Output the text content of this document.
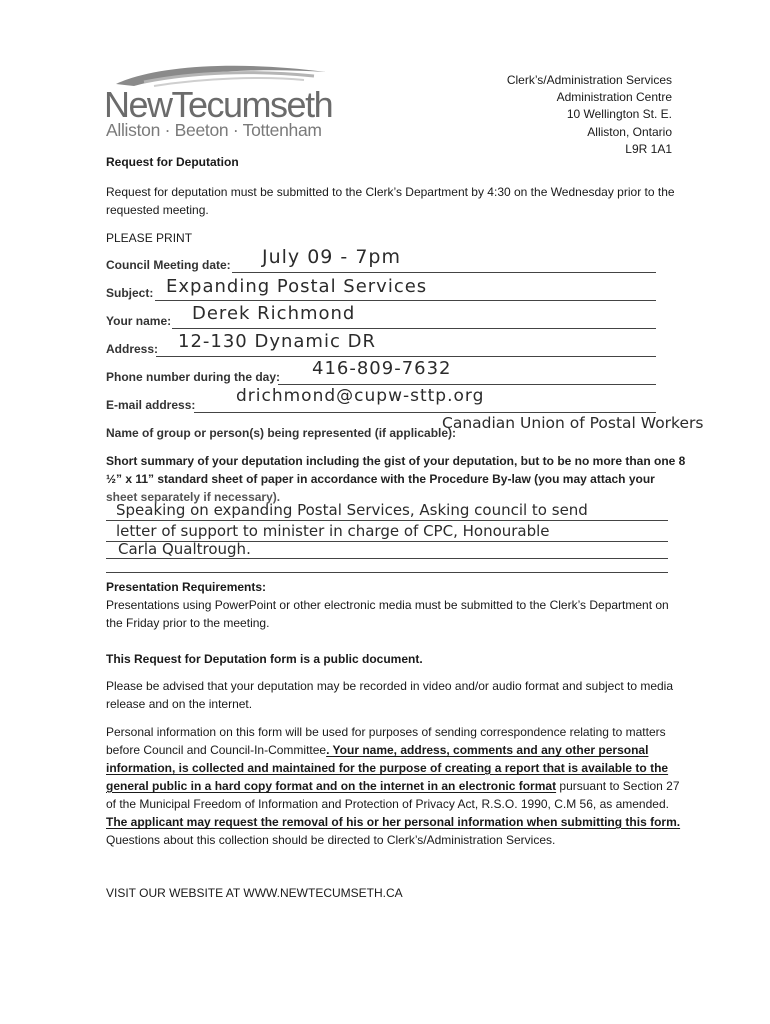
NewTecumseth
Alliston · Beeton · Tottenham
Clerk’s/Administration Services
Administration Centre
10 Wellington St. E.
Alliston, Ontario
L9R 1A1
Request for Deputation
Request for deputation must be submitted to the Clerk’s Department by 4:30 on the Wednesday prior to the requested meeting.
PLEASE PRINT
Council Meeting date: July 09 - 7pm
Subject: Expanding Postal Services
Your name: Derek Richmond
Address: 12-130 Dynamic DR
Phone number during the day: 416-809-7632
E-mail address: drichmond@cupw-sttp.org
Name of group or person(s) being represented (if applicable):
Canadian Union of Postal Workers
Short summary of your deputation including the gist of your deputation, but to be no more than one 8 ½” x 11” standard sheet of paper in accordance with the Procedure By-law (you may attach your sheet separately if necessary).
Speaking on expanding Postal Services, Asking council to send
letter of support to minister in charge of CPC, Honourable
Carla Qualtrough.
Presentation Requirements:
Presentations using PowerPoint or other electronic media must be submitted to the Clerk’s Department on the Friday prior to the meeting.
This Request for Deputation form is a public document.
Please be advised that your deputation may be recorded in video and/or audio format and subject to media release and on the internet.
Personal information on this form will be used for purposes of sending correspondence relating to matters before Council and Council-In-Committee. Your name, address, comments and any other personal information, is collected and maintained for the purpose of creating a report that is available to the general public in a hard copy format and on the internet in an electronic format pursuant to Section 27 of the Municipal Freedom of Information and Protection of Privacy Act, R.S.O. 1990, C.M 56, as amended. The applicant may request the removal of his or her personal information when submitting this form. Questions about this collection should be directed to Clerk’s/Administration Services.
VISIT OUR WEBSITE AT WWW.NEWTECUMSETH.CA
